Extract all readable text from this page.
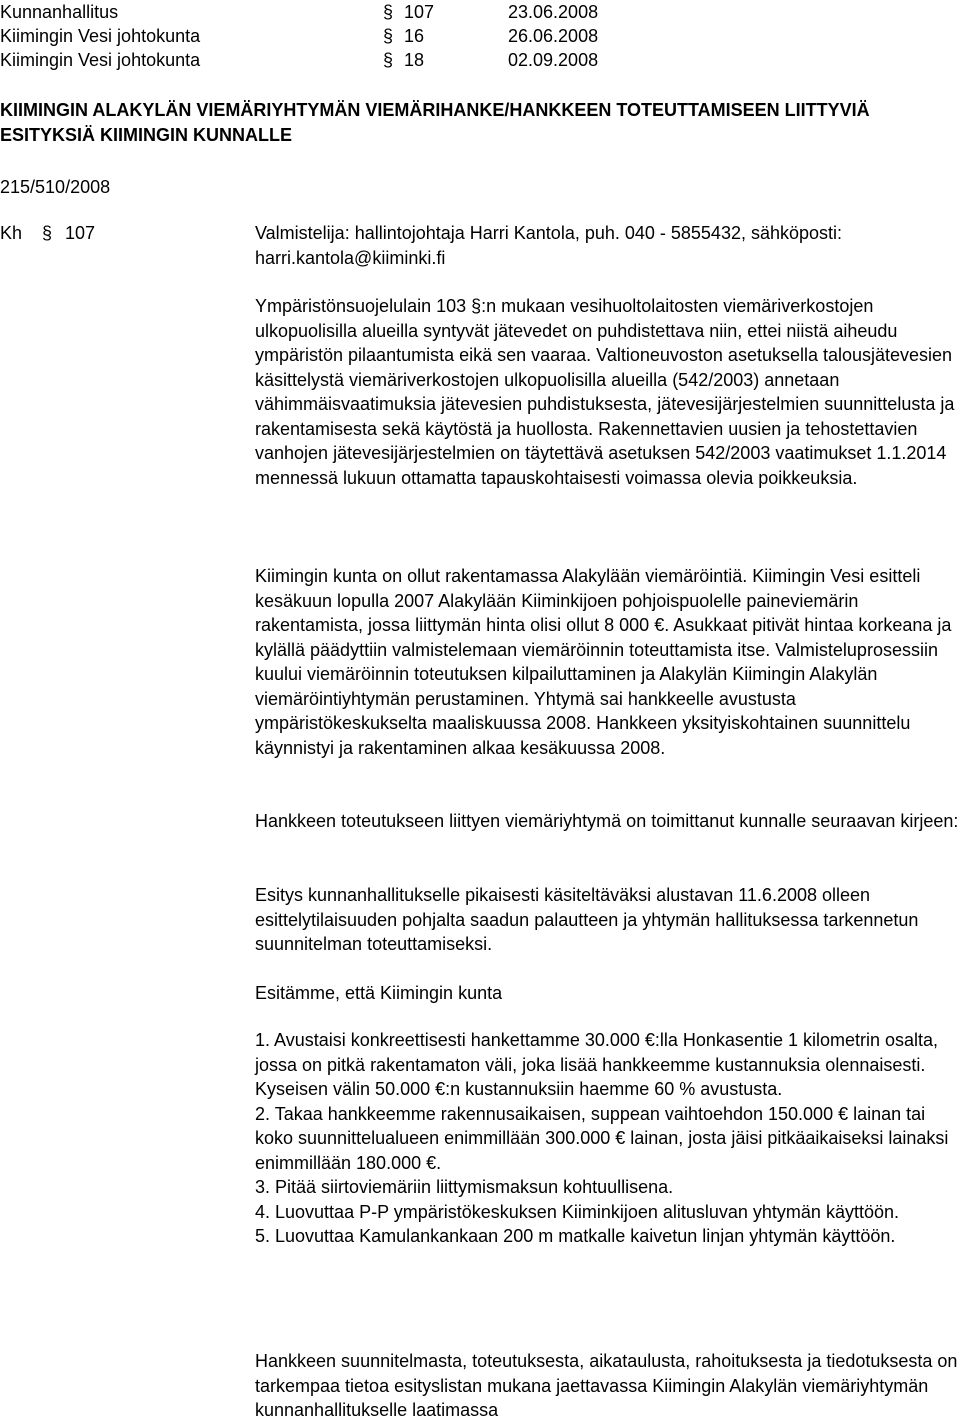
Kunnanhallitus	§ 107	23.06.2008
Kiimingin Vesi johtokunta	§ 16	26.06.2008
Kiimingin Vesi johtokunta	§ 18	02.09.2008
KIIMINGIN ALAKYLÄN VIEMÄRIYHTYMÄN VIEMÄRIHANKE/HANKKEEN TOTEUTTAMISEEN LIITTYVIÄ ESITYKSIÄ KIIMINGIN KUNNALLE
215/510/2008
Kh § 107	Valmistelija: hallintojohtaja Harri Kantola, puh. 040 - 5855432, sähköposti: harri.kantola@kiiminki.fi

Ympäristönsuojelulain 103 §:n mukaan vesihuoltolaitosten viemäriverkostojen ulkopuolisilla alueilla syntyvät jätevedet on puhdistettava niin, ettei niistä aiheudu ympäristön pilaantumista eikä sen vaaraa. Valtioneuvoston asetuksella talousjätevesien käsittelystä viemäriverkostojen ulkopuolisilla alueilla (542/2003) annetaan vähimmäisvaatimuksia jätevesien puhdistuksesta, jätevesijärjestelmien suunnittelusta ja rakentamisesta sekä käytöstä ja huollosta. Rakennettavien uusien ja tehostettavien vanhojen jätevesijärjestelmien on täytettävä asetuksen 542/2003 vaatimukset 1.1.2014 mennessä lukuun ottamatta tapauskohtaisesti voimassa olevia poikkeuksia.

Kiimingin kunta on ollut rakentamassa Alakylään viemäröintiä. Kiimingin Vesi esitteli kesäkuun lopulla 2007 Alakylään Kiiminkijoen pohjoispuolelle paineviemärin rakentamista, jossa liittymän hinta olisi ollut 8 000 €. Asukkaat pitivät hintaa korkeana ja kylällä päädyttiin valmistelemaan viemäröinnin toteuttamista itse. Valmisteluprosessiin kuului viemäröinnin toteutuksen kilpailuttaminen ja Alakylän Kiimingin Alakylän viemäröintiyhtymän perustaminen. Yhtymä sai hankkeelle avustusta ympäristökeskukselta maaliskuussa 2008. Hankkeen yksityiskohtainen suunnittelu käynnistyi ja rakentaminen alkaa kesäkuussa 2008.

Hankkeen toteutukseen liittyen viemäriyhtymä on toimittanut kunnalle seuraavan kirjeen:

Esitys kunnanhallitukselle pikaisesti käsiteltäväksi alustavan 11.6.2008 olleen esittelytilaisuuden pohjalta saadun palautteen ja yhtymän hallituksessa tarkennetun suunnitelman toteuttamiseksi.

Esitämme, että Kiimingin kunta

1. Avustaisi konkreettisesti hankettamme 30.000 €:lla Honkasentie 1 kilometrin osalta, jossa on pitkä rakentamaton väli, joka lisää hankkeemme kustannuksia olennaisesti. Kyseisen välin 50.000 €:n kustannuksiin haemme 60 % avustusta.
2. Takaa hankkeemme rakennusaikaisen, suppean vaihtoehdon 150.000 € lainan tai koko suunnittelualueen enimmillään 300.000 € lainan, josta jäisi pitkäaikaiseksi lainaksi enimmillään 180.000 €.
3. Pitää siirtoviemäriin liittymismaksun kohtuullisena.
4. Luovuttaa P-P ympäristökeskuksen Kiiminkijoen alitusluvan yhtymän käyttöön.
5. Luovuttaa Kamulankankaan 200 m matkalle kaivetun linjan yhtymän käyttöön.

Hankkeen suunnitelmasta, toteutuksesta, aikataulusta, rahoituksesta ja tiedotuksesta on tarkempaa tietoa esityslistan mukana jaettavassa Kiimingin Alakylän viemäriyhtymän kunnanhallitukselle laatimassa
